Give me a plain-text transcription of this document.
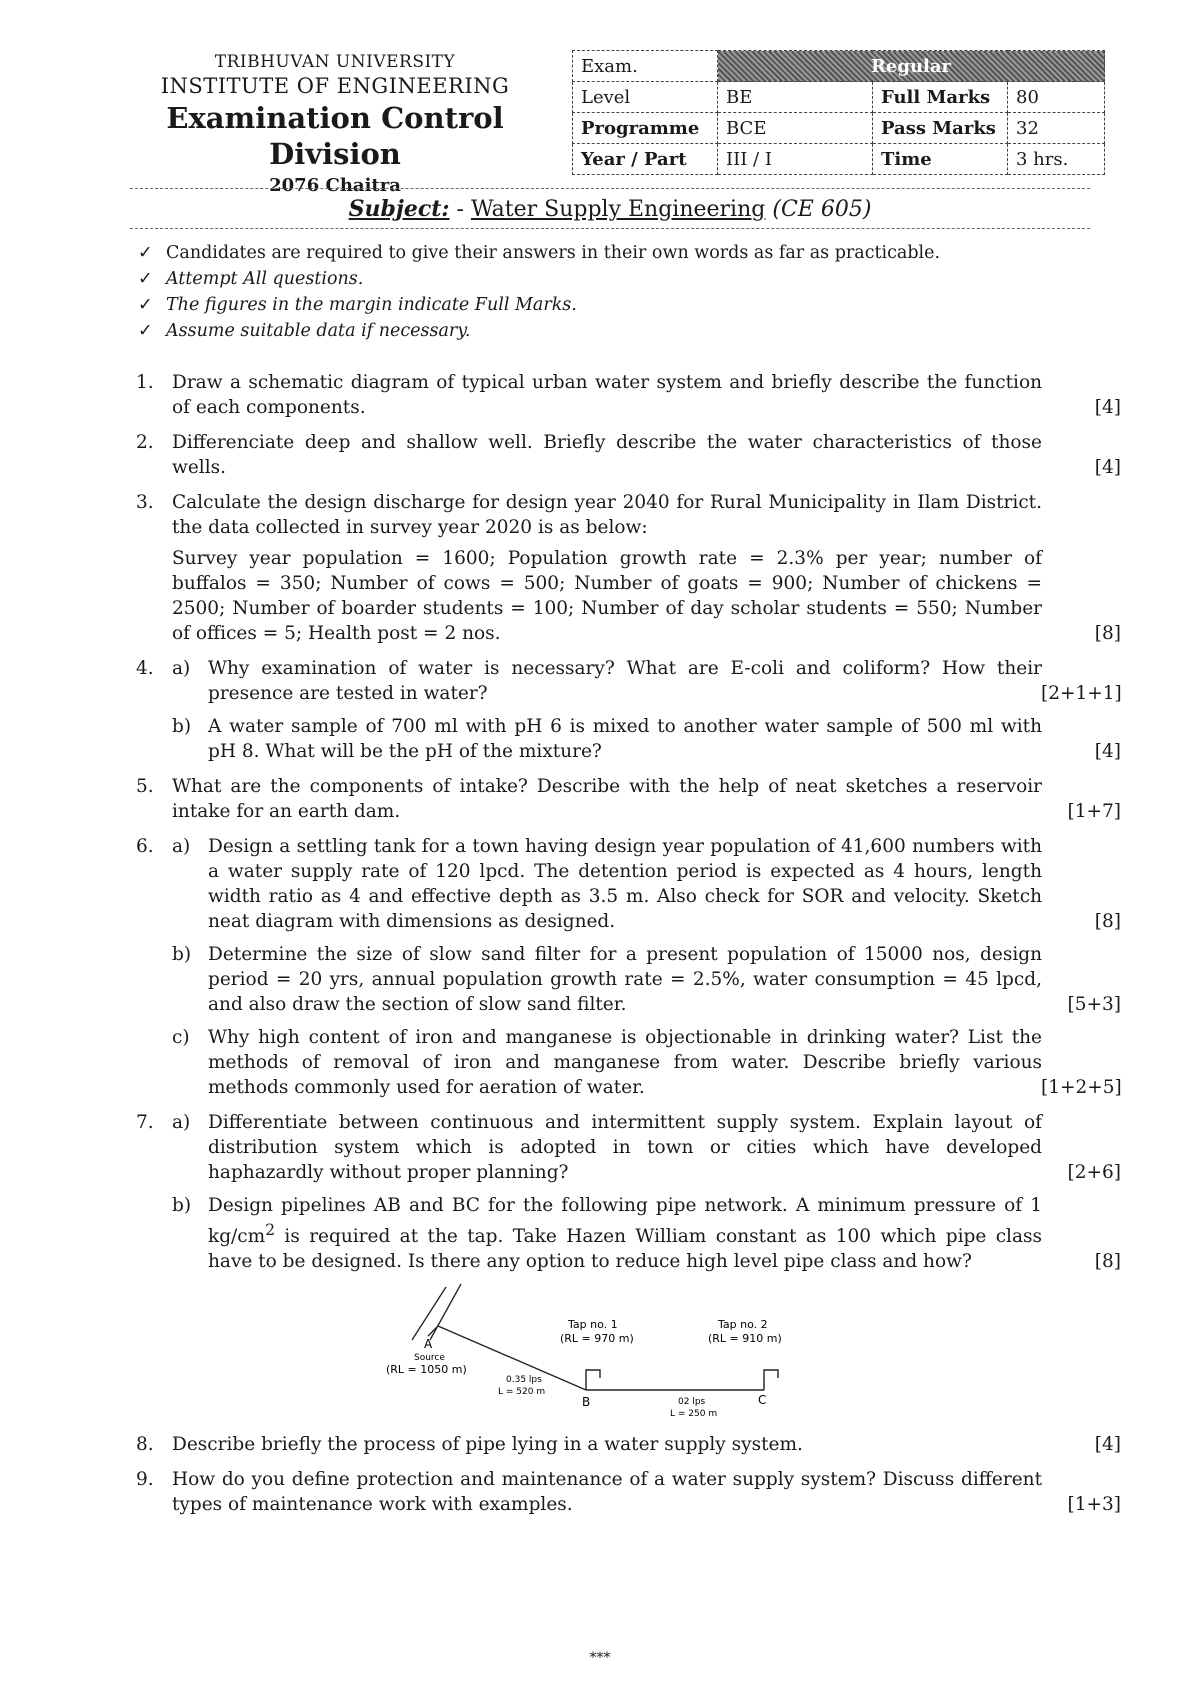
TRIBHUVAN UNIVERSITY
INSTITUTE OF ENGINEERING
Examination Control Division
2076 Chaitra
Exam.	Regular		
Level	BE	Full Marks	80
Programme	BCE	Pass Marks	32
Year / Part	III / I	Time	3 hrs.
Subject: - Water Supply Engineering (CE 605)
✓ Candidates are required to give their answers in their own words as far as practicable.
✓ Attempt All questions.
✓ The figures in the margin indicate Full Marks.
✓ Assume suitable data if necessary.
1. Draw a schematic diagram of typical urban water system and briefly describe the function of each components.	[4]
2. Differenciate deep and shallow well. Briefly describe the water characteristics of those wells.	[4]
3. Calculate the design discharge for design year 2040 for Rural Municipality in Ilam District. the data collected in survey year 2020 is as below:
Survey year population = 1600; Population growth rate = 2.3% per year; number of buffalos = 350; Number of cows = 500; Number of goats = 900; Number of chickens = 2500; Number of boarder students = 100; Number of day scholar students = 550; Number of offices = 5; Health post = 2 nos.	[8]
4. a) Why examination of water is necessary? What are E-coli and coliform? How their presence are tested in water?	[2+1+1]
b) A water sample of 700 ml with pH 6 is mixed to another water sample of 500 ml with pH 8. What will be the pH of the mixture?	[4]
5. What are the components of intake? Describe with the help of neat sketches a reservoir intake for an earth dam.	[1+7]
6. a) Design a settling tank for a town having design year population of 41,600 numbers with a water supply rate of 120 lpcd. The detention period is expected as 4 hours, length width ratio as 4 and effective depth as 3.5 m. Also check for SOR and velocity. Sketch neat diagram with dimensions as designed.	[8]
b) Determine the size of slow sand filter for a present population of 15000 nos, design period = 20 yrs, annual population growth rate = 2.5%, water consumption = 45 lpcd, and also draw the section of slow sand filter.	[5+3]
c) Why high content of iron and manganese is objectionable in drinking water? List the methods of removal of iron and manganese from water. Describe briefly various methods commonly used for aeration of water.	[1+2+5]
7. a) Differentiate between continuous and intermittent supply system. Explain layout of distribution system which is adopted in town or cities which have developed haphazardly without proper planning?	[2+6]
b) Design pipelines AB and BC for the following pipe network. A minimum pressure of 1 $kg/cm^2$ is required at the tap. Take Hazen William constant as 100 which pipe class have to be designed. Is there any option to reduce high level pipe class and how?	[8]
A
Source
(RL = 1050 m)
0.35 lps
L = 520 m
B
Tap no. 1
(RL = 970 m)
02 lps
L = 250 m
C
Tap no. 2
(RL = 910 m)
8. Describe briefly the process of pipe lying in a water supply system.	[4]
9. How do you define protection and maintenance of a water supply system? Discuss different types of maintenance work with examples.	[1+3]
***
